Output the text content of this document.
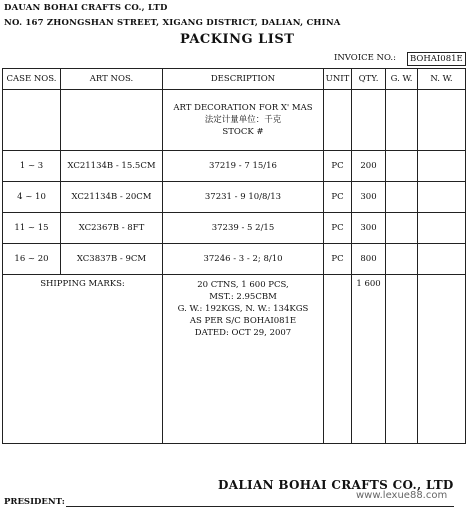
DAUAN BOHAI CRAFTS CO., LTD
NO. 167 ZHONGSHAN STREET, XIGANG DISTRICT, DALIAN, CHINA
PACKING LIST
INVOICE NO.:	BOHAI081E
CASE NOS.	ART NOS.	DESCRIPTION	UNIT	QTY.	G. W.	N. W.

		ART DECORATION FOR X' MAS
法定计量单位：千克
STOCK #				

1 ~ 3	XC21134B - 15.5CM	37219 - 7 15/16	PC	200		
4 ~ 10	XC21134B - 20CM	37231 - 9 10/8/13	PC	300		
11 ~ 15	XC2367B - 8FT	37239 - 5 2/15	PC	300		
16 ~ 20	XC3837B - 9CM	37246 - 3 - 2; 8/10	PC	800		
SHIPPING MARKS:		20 CTNS, 1 600 PCS,
MST.: 2.95CBM
G. W.: 192KGS, N. W.: 134KGS
AS PER S/C BOHAI081E
DATED: OCT 29, 2007		1 600		
DALIAN BOHAI CRAFTS CO., LTD
PRESIDENT:
www.lexue88.com
